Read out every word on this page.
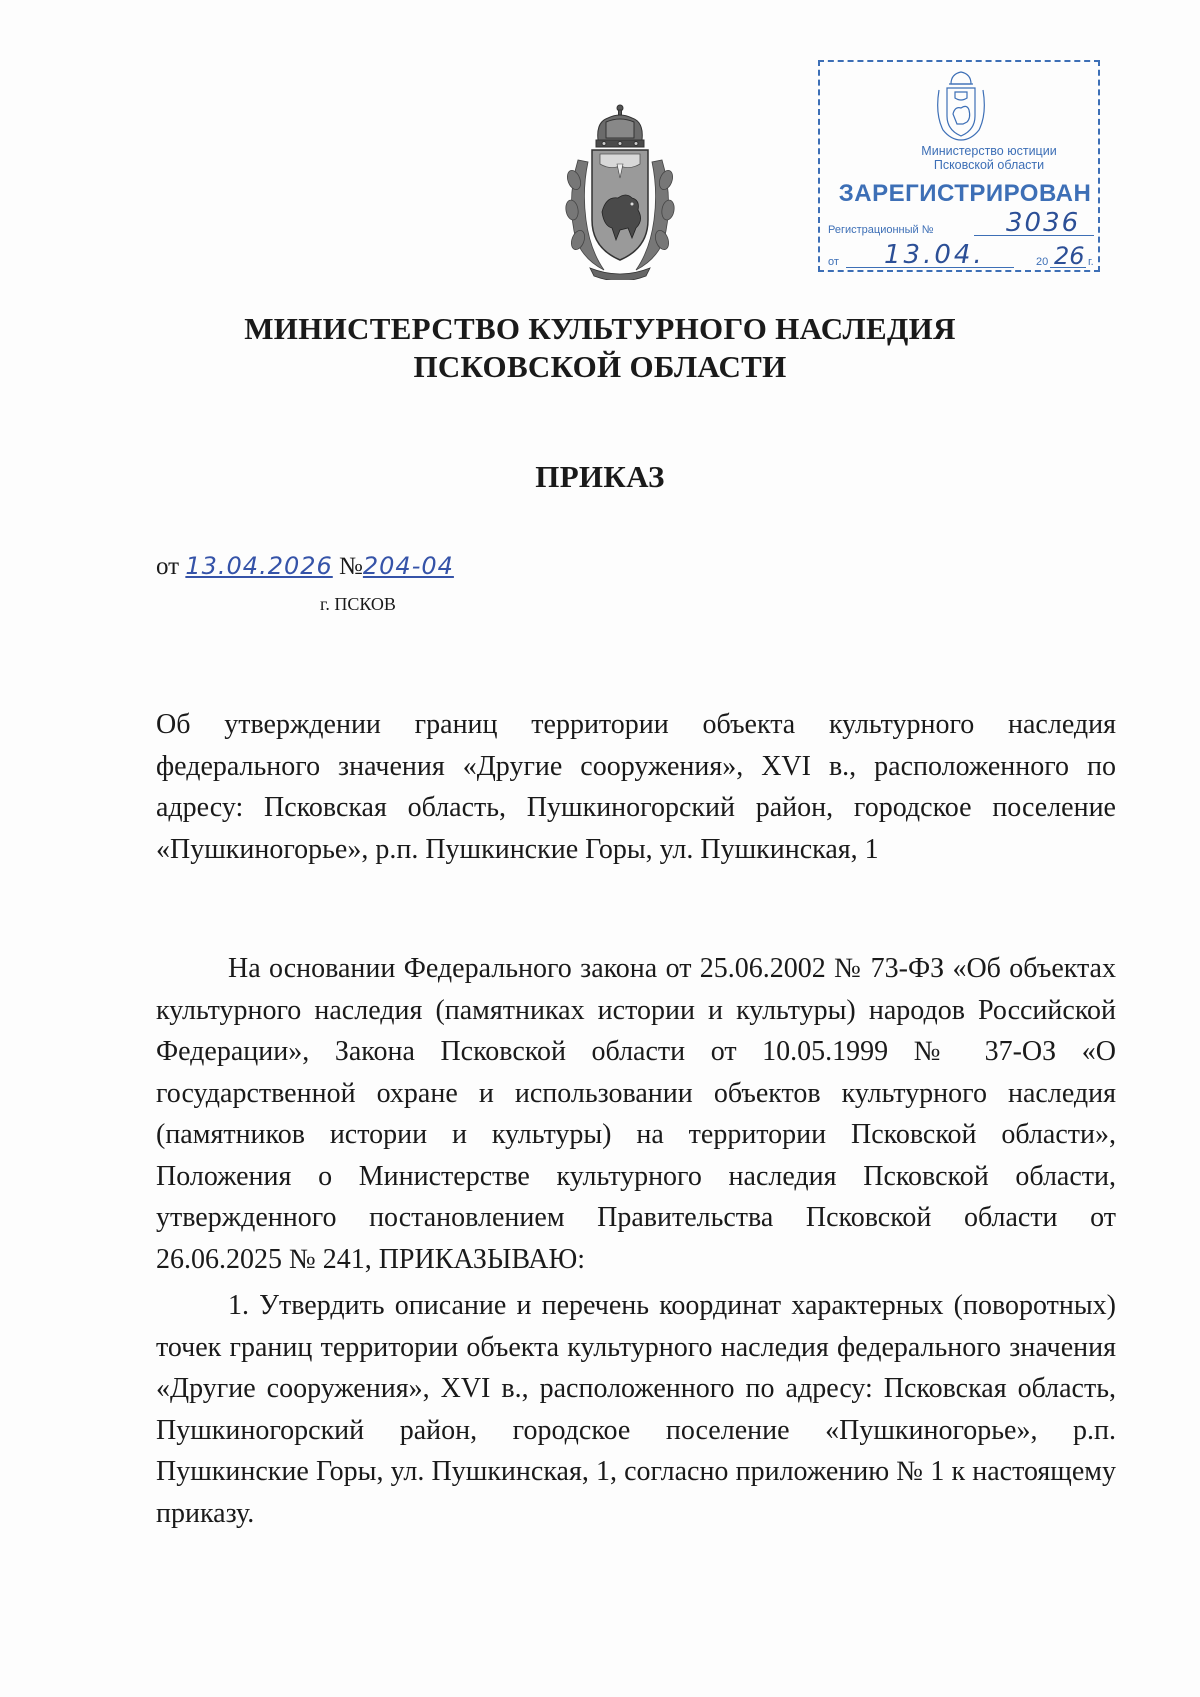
Министерство юстиции
Псковской области
ЗАРЕГИСТРИРОВАН
Регистрационный №	3036
от 13.04.	20 26 г.
МИНИСТЕРСТВО КУЛЬТУРНОГО НАСЛЕДИЯ
ПСКОВСКОЙ ОБЛАСТИ
ПРИКАЗ
от 13.04.2026 №204-04
г. ПСКОВ
Об утверждении границ территории объекта культурного наследия федерального значения «Другие сооружения», XVI в., расположенного по адресу: Псковская область, Пушкиногорский район, городское поселение «Пушкиногорье», р.п. Пушкинские Горы, ул. Пушкинская, 1
На основании Федерального закона от 25.06.2002 № 73-ФЗ «Об объектах культурного наследия (памятниках истории и культуры) народов Российской Федерации», Закона Псковской области от 10.05.1999 № 37-ОЗ «О государственной охране и использовании объектов культурного наследия (памятников истории и культуры) на территории Псковской области», Положения о Министерстве культурного наследия Псковской области, утвержденного постановлением Правительства Псковской области от 26.06.2025 № 241, ПРИКАЗЫВАЮ:
1. Утвердить описание и перечень координат характерных (поворотных) точек границ территории объекта культурного наследия федерального значения «Другие сооружения», XVI в., расположенного по адресу: Псковская область, Пушкиногорский район, городское поселение «Пушкиногорье», р.п. Пушкинские Горы, ул. Пушкинская, 1, согласно приложению № 1 к настоящему приказу.
